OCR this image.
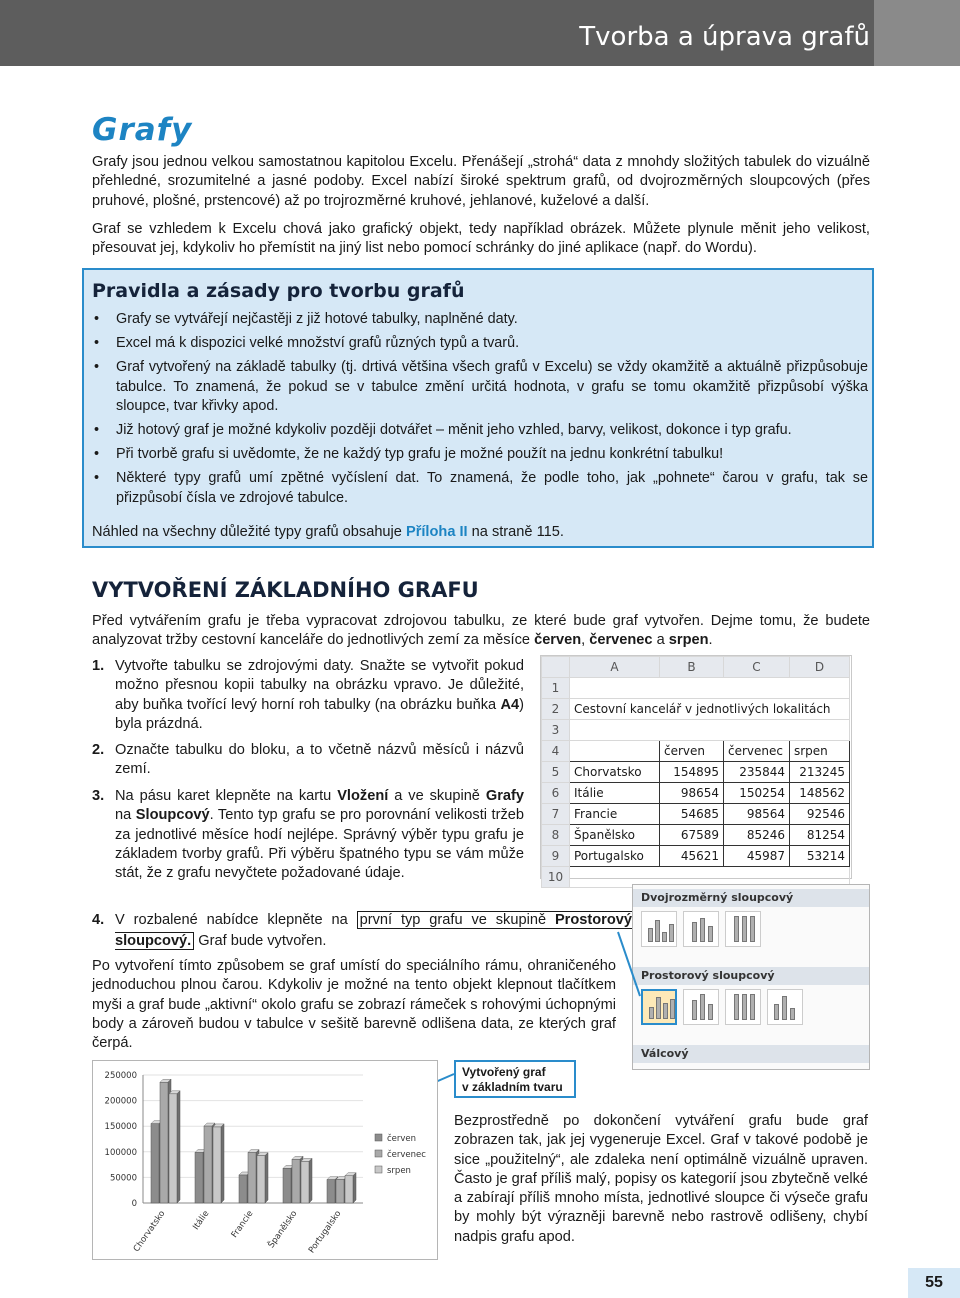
Tvorba a úprava grafů
Grafy

Grafy jsou jednou velkou samostatnou kapitolou Excelu. Přenášejí „strohá“ data z mnohdy složitých tabulek do vizuálně přehledné, srozumitelné a jasné podoby. Excel nabízí široké spektrum grafů, od dvojrozměrných sloupcových (přes pruhové, plošné, prstencové) až po trojrozměrné kruhové, jehlanové, kuželové a další.

Graf se vzhledem k Excelu chová jako grafický objekt, tedy například obrázek. Můžete plynule měnit jeho velikost, přesouvat jej, kdykoliv ho přemístit na jiný list nebo pomocí schránky do jiné aplikace (např. do Wordu).

Pravidla a zásady pro tvorbu grafů
• Grafy se vytvářejí nejčastěji z již hotové tabulky, naplněné daty.
• Excel má k dispozici velké množství grafů různých typů a tvarů.
• Graf vytvořený na základě tabulky (tj. drtivá většina všech grafů v Excelu) se vždy okamžitě a aktuálně přizpůsobuje tabulce. To znamená, že pokud se v tabulce změní určitá hodnota, v grafu se tomu okamžitě přizpůsobí výška sloupce, tvar křivky apod.
• Již hotový graf je možné kdykoliv později dotvářet – měnit jeho vzhled, barvy, velikost, dokonce i typ grafu.
• Při tvorbě grafu si uvědomte, že ne každý typ grafu je možné použít na jednu konkrétní tabulku!
• Některé typy grafů umí zpětné vyčíslení dat. To znamená, že podle toho, jak „pohnete“ čarou v grafu, tak se přizpůsobí čísla ve zdrojové tabulce.
Náhled na všechny důležité typy grafů obsahuje Příloha II na straně 115.
VYTVOŘENÍ ZÁKLADNÍHO GRAFU

Před vytvářením grafu je třeba vypracovat zdrojovou tabulku, ze které bude graf vytvořen. Dejme tomu, že budete analyzovat tržby cestovní kanceláře do jednotlivých zemí za měsíce červen, červenec a srpen.

1. Vytvořte tabulku se zdrojovými daty. Snažte se vytvořit pokud možno přesnou kopii tabulky na obrázku vpravo. Je důležité, aby buňka tvořící levý horní roh tabulky (na obrázku buňka A4) byla prázdná.
2. Označte tabulku do bloku, a to včetně názvů měsíců i názvů zemí.
3. Na pásu karet klepněte na kartu Vložení a ve skupině Grafy na Sloupcový. Tento typ grafu se pro porovnání velikosti tržeb za jednotlivé měsíce hodí nejlépe. Správný výběr typu grafu je základem tvorby grafů. Při výběru špatného typu se vám může stát, že z grafu nevyčtete požadované údaje.
4. V rozbalené nabídce klepněte na první typ grafu ve skupině Prostorový sloupcový. Graf bude vytvořen.

Po vytvoření tímto způsobem se graf umístí do speciálního rámu, ohraničeného jednoduchou plnou čarou. Kdykoliv je možné na tento objekt klepnout tlačítkem myši a graf bude „aktivní“ okolo grafu se zobrazí rámeček s rohovými úchopnými body a zároveň budou v tabulce v sešitě barevně odlišena data, ze kterých graf čerpá.

	A	B	C	D
1				
2	Cestovní kancelář v jednotlivých lokalitách			
3				
4		červen	červenec	srpen
5	Chorvatsko	154895	235844	213245
6	Itálie	98654	150254	148562
7	Francie	54685	98564	92546
8	Španělsko	67589	85246	81254
9	Portugalsko	45621	45987	53214
10				
Dvojrozměrný sloupcový
Prostorový sloupcový
Válcový
Vytvořený graf
v základním tvaru
250000
200000
150000
100000
50000
0
Chorvatsko	Itálie Francie Španělsko Portugalsko
červen
červenec
srpen

Bezprostředně po dokončení vytváření grafu bude graf zobrazen tak, jak jej vygeneruje Excel. Graf v takové podobě je sice „použitelný“, ale zdaleka není optimálně vizuálně upraven. Často je graf příliš malý, popisy os kategorií jsou zbytečně velké a zabírají příliš mnoho místa, jednotlivé sloupce či výseče grafu by mohly být výrazněji barevně nebo rastrově odlišeny, chybí nadpis grafu apod.

55
